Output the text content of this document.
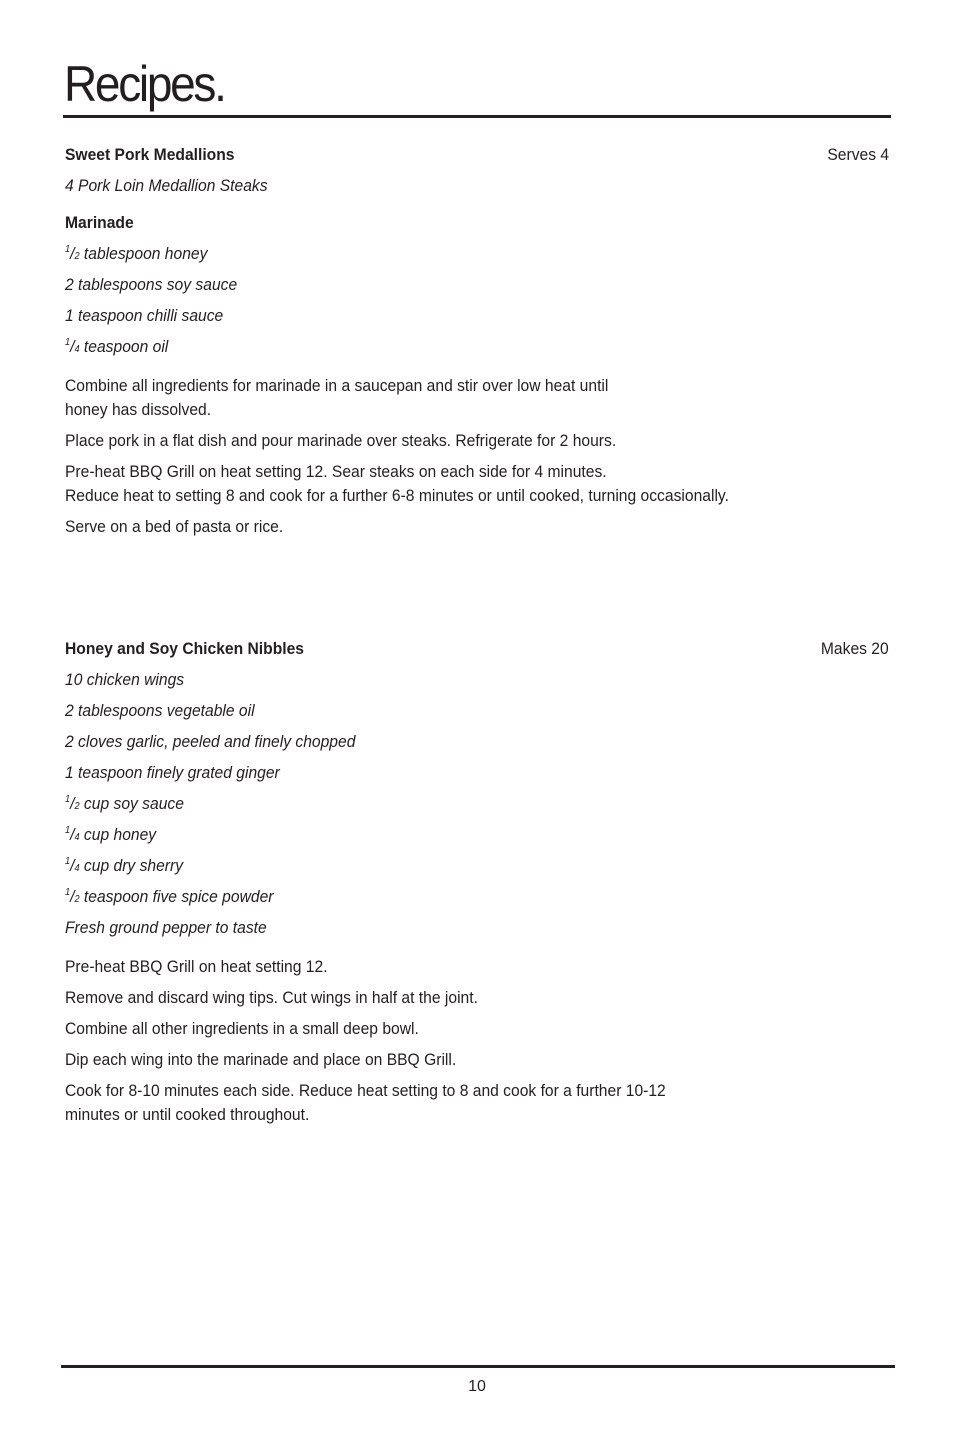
Recipes.
Sweet Pork Medallions	Serves 4
4 Pork Loin Medallion Steaks
Marinade
$^1$/2 tablespoon honey
2 tablespoons soy sauce
1 teaspoon chilli sauce
$^1$/4 teaspoon oil
Combine all ingredients for marinade in a saucepan and stir over low heat until
honey has dissolved.
Place pork in a flat dish and pour marinade over steaks. Refrigerate for 2 hours.
Pre-heat BBQ Grill on heat setting 12. Sear steaks on each side for 4 minutes.
Reduce heat to setting 8 and cook for a further 6-8 minutes or until cooked, turning occasionally.
Serve on a bed of pasta or rice.
Honey and Soy Chicken Nibbles	Makes 20
10 chicken wings
2 tablespoons vegetable oil
2 cloves garlic, peeled and finely chopped
1 teaspoon finely grated ginger
$^1$/2 cup soy sauce
$^1$/4 cup honey
$^1$/4 cup dry sherry
$^1$/2 teaspoon five spice powder
Fresh ground pepper to taste
Pre-heat BBQ Grill on heat setting 12.
Remove and discard wing tips. Cut wings in half at the joint.
Combine all other ingredients in a small deep bowl.
Dip each wing into the marinade and place on BBQ Grill.
Cook for 8-10 minutes each side. Reduce heat setting to 8 and cook for a further 10-12
minutes or until cooked throughout.
10
